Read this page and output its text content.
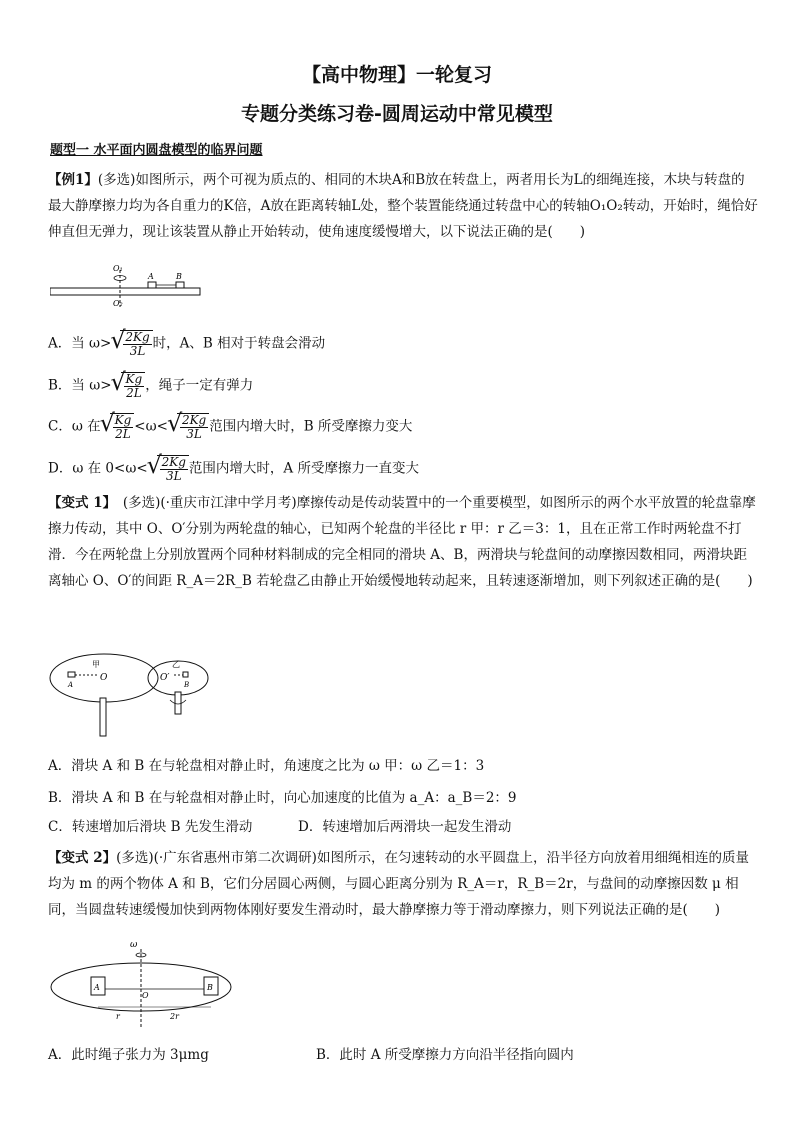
【高中物理】一轮复习
专题分类练习卷-圆周运动中常见模型
题型一 水平面内圆盘模型的临界问题
【例1】(多选)如图所示，两个可视为质点的、相同的木块A和B放在转盘上，两者用长为L的细绳连接，木块与转盘的最大静摩擦力均为各自重力的K倍，A放在距离转轴L处，整个装置能绕通过转盘中心的转轴O₁O₂转动，开始时，绳恰好伸直但无弹力，现让该装置从静止开始转动，使角速度缓慢增大，以下说法正确的是(　　)
O₁
O₂
A	B
A．当 ω> √ $\frac{2Kg}{3L}$ 时，A、B 相对于转盘会滑动
B．当 ω> √ $\frac{Kg}{2L}$ ，绳子一定有弹力
C．ω 在 √ $\frac{Kg}{2L} <\omega<$ √ $\frac{2Kg}{3L}$ 范围内增大时，B 所受摩擦力变大
D．ω 在 0<ω< √ $\frac{2Kg}{3L}$ 范围内增大时，A 所受摩擦力一直变大
【变式 1】　(多选)(·重庆市江津中学月考)摩擦传动是传动装置中的一个重要模型，如图所示的两个水平放置的轮盘靠摩擦力传动，其中 O、O′分别为两轮盘的轴心，已知两个轮盘的半径比 r 甲：r 乙＝3：1，且在正常工作时两轮盘不打滑．今在两轮盘上分别放置两个同种材料制成的完全相同的滑块 A、B，两滑块与轮盘间的动摩擦因数相同，两滑块距离轴心 O、O′的间距 R_A＝2R_B 若轮盘乙由静止开始缓慢地转动起来，且转速逐渐增加，则下列叙述正确的是(　　)
甲
O
A
乙
O′
B
A．滑块 A 和 B 在与轮盘相对静止时，角速度之比为 ω 甲：ω 乙＝1：3
B．滑块 A 和 B 在与轮盘相对静止时，向心加速度的比值为 a_A：a_B＝2：9
C．转速增加后滑块 B 先发生滑动	D．转速增加后两滑块一起发生滑动
【变式 2】(多选)(·广东省惠州市第二次调研)如图所示，在匀速转动的水平圆盘上，沿半径方向放着用细绳相连的质量均为 m 的两个物体 A 和 B，它们分居圆心两侧，与圆心距离分别为 R_A＝r，R_B＝2r，与盘间的动摩擦因数 μ 相同，当圆盘转速缓慢加快到两物体刚好要发生滑动时，最大静摩擦力等于滑动摩擦力，则下列说法正确的是(　　)
ω
A	B
O
r	2r
A．此时绳子张力为 3μmg	B．此时 A 所受摩擦力方向沿半径指向圆内
